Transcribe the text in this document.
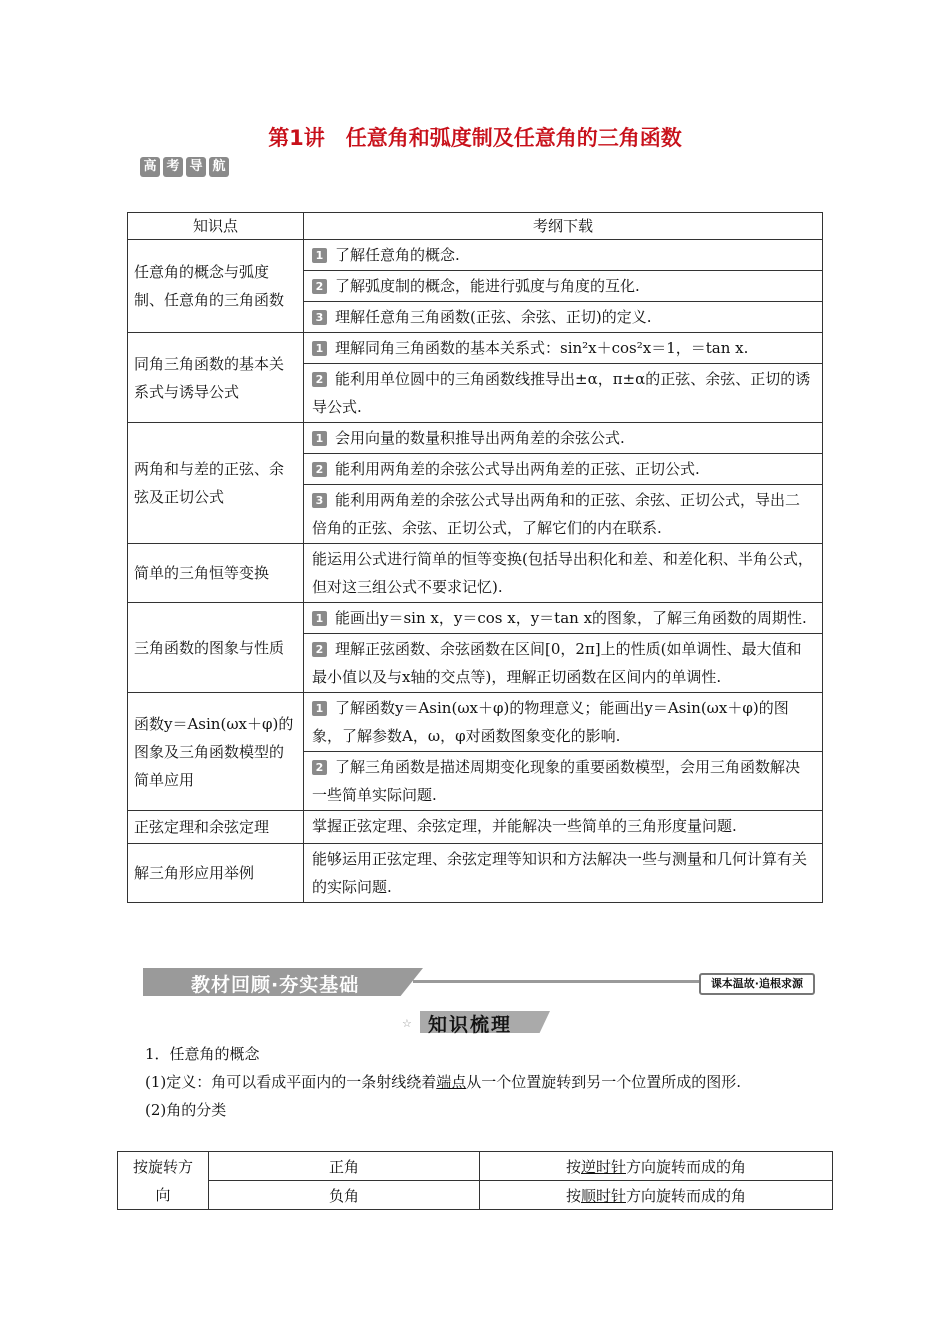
第1讲　任意角和弧度制及任意角的三角函数
高 考 导 航
知识点	考纲下载
任意角的概念与弧度制、任意角的三角函数	1 了解任意角的概念.
2 了解弧度制的概念，能进行弧度与角度的互化.
3 理解任意角三角函数(正弦、余弦、正切)的定义.

同角三角函数的基本关系式与诱导公式	1 理解同角三角函数的基本关系式：sin²x＋cos²x＝1，＝tan x.
2 能利用单位圆中的三角函数线推导出±α，π±α的正弦、余弦、正切的诱导公式.

两角和与差的正弦、余弦及正切公式	1 会用向量的数量积推导出两角差的余弦公式.
2 能利用两角差的余弦公式导出两角差的正弦、正切公式.
3 能利用两角差的余弦公式导出两角和的正弦、余弦、正切公式，导出二倍角的正弦、余弦、正切公式，了解它们的内在联系.

简单的三角恒等变换	能运用公式进行简单的恒等变换(包括导出积化和差、和差化积、半角公式，但对这三组公式不要求记忆).

三角函数的图象与性质	1 能画出y＝sin x，y＝cos x，y＝tan x的图象，了解三角函数的周期性.
2 理解正弦函数、余弦函数在区间[0，2π]上的性质(如单调性、最大值和最小值以及与x轴的交点等)，理解正切函数在区间内的单调性.

函数y＝Asin(ωx＋φ)的图象及三角函数模型的简单应用	1 了解函数y＝Asin(ωx＋φ)的物理意义；能画出y＝Asin(ωx＋φ)的图象，了解参数A，ω，φ对函数图象变化的影响.
2 了解三角函数是描述周期变化现象的重要函数模型，会用三角函数解决一些简单实际问题.

正弦定理和余弦定理	掌握正弦定理、余弦定理，并能解决一些简单的三角形度量问题.

解三角形应用举例	能够运用正弦定理、余弦定理等知识和方法解决一些与测量和几何计算有关的实际问题.
教材回顾·夯实基础	课本温故·追根求源
☆ 知识梳理
1．任意角的概念
(1)定义：角可以看成平面内的一条射线绕着端点从一个位置旋转到另一个位置所成的图形.
(2)角的分类
按旋转方向	正角	按逆时针方向旋转而成的角
	负角	按顺时针方向旋转而成的角
